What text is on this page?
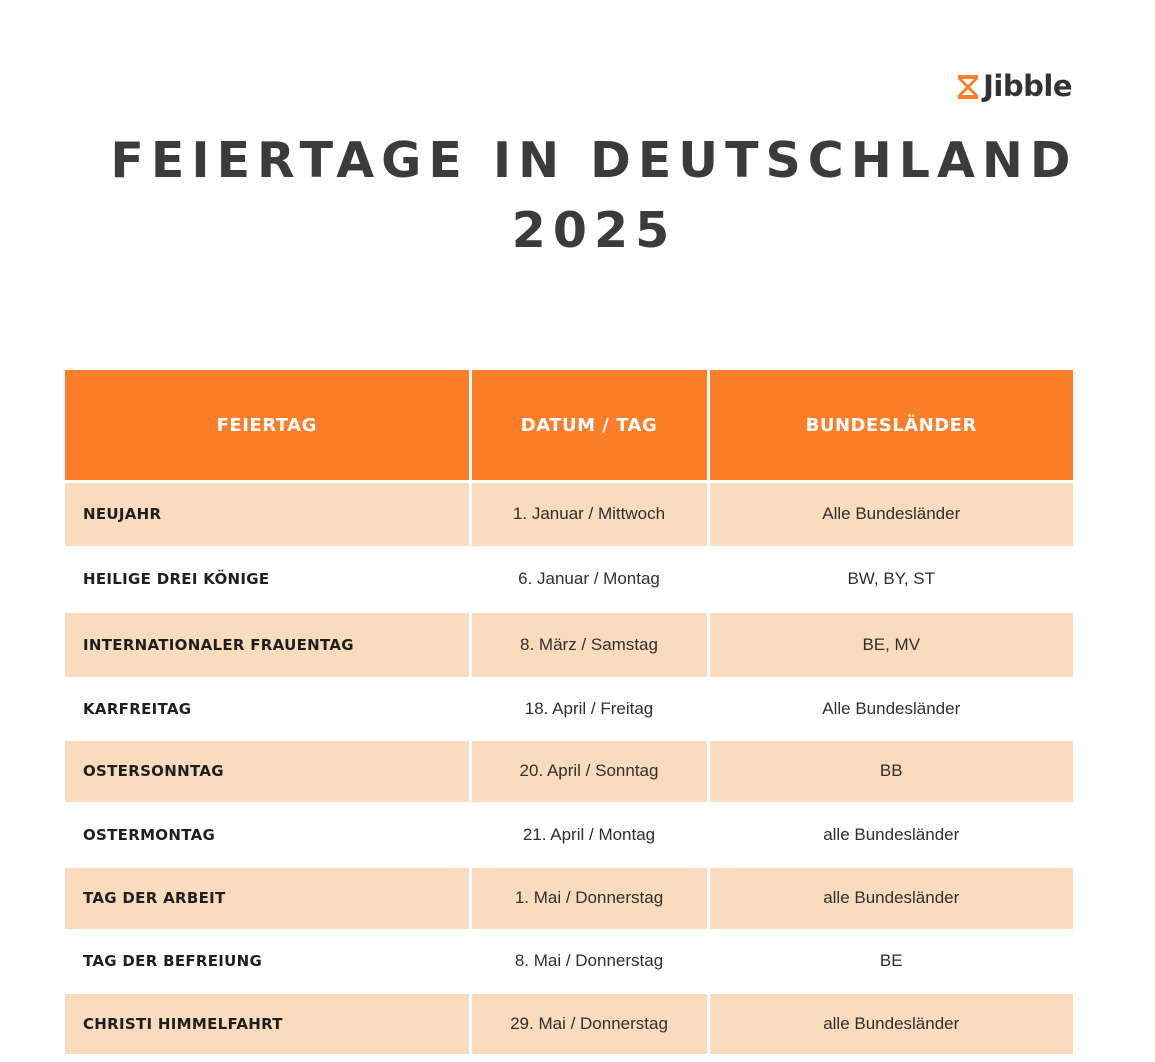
Jibble
FEIERTAGE IN DEUTSCHLAND
2025
FEIERTAG	DATUM / TAG	BUNDESLÄNDER
NEUJAHR	1. Januar / Mittwoch	Alle Bundesländer
HEILIGE DREI KÖNIGE	6. Januar / Montag	BW, BY, ST
INTERNATIONALER FRAUENTAG	8. März / Samstag	BE, MV
KARFREITAG	18. April / Freitag	Alle Bundesländer
OSTERSONNTAG	20. April / Sonntag	BB
OSTERMONTAG	21. April / Montag	alle Bundesländer
TAG DER ARBEIT	1. Mai / Donnerstag	alle Bundesländer
TAG DER BEFREIUNG	8. Mai / Donnerstag	BE
CHRISTI HIMMELFAHRT	29. Mai / Donnerstag	alle Bundesländer
